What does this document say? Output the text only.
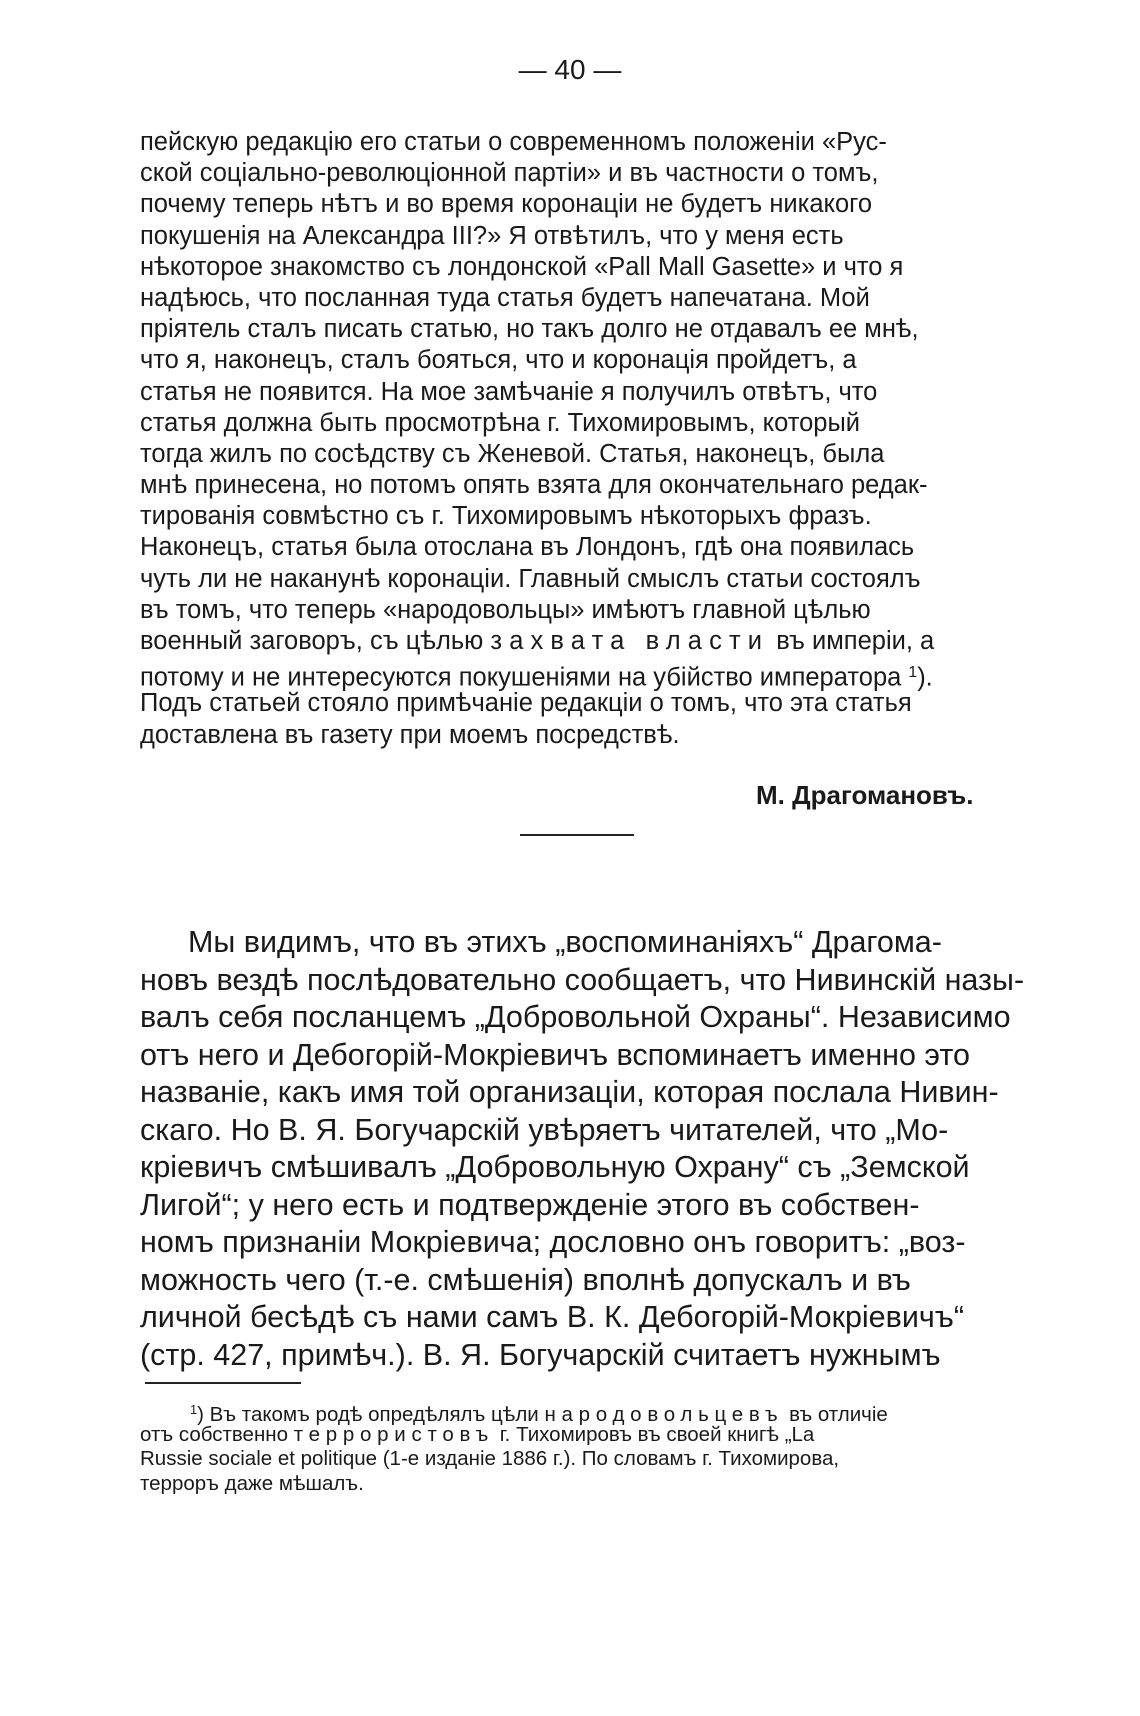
— 40 —
пейскую редакцію его статьи о современномъ положеніи «Рус-
ской соціально-революціонной партіи» и въ частности о томъ,
почему теперь нѣтъ и во время коронаціи не будетъ никакого
покушенія на Александра III?» Я отвѣтилъ, что у меня есть
нѣкоторое знакомство съ лондонской «Pall Mall Gasette» и что я
надѣюсь, что посланная туда статья будетъ напечатана. Мой
пріятель сталъ писать статью, но такъ долго не отдавалъ ее мнѣ,
что я, наконецъ, сталъ бояться, что и коронація пройдетъ, а
статья не появится. На мое замѣчаніе я получилъ отвѣтъ, что
статья должна быть просмотрѣна г. Тихомировымъ, который
тогда жилъ по сосѣдству съ Женевой. Статья, наконецъ, была
мнѣ принесена, но потомъ опять взята для окончательнаго редак-
тированія совмѣстно съ г. Тихомировымъ нѣкоторыхъ фразъ.
Наконецъ, статья была отослана въ Лондонъ, гдѣ она появилась
чуть ли не наканунѣ коронаціи. Главный смыслъ статьи состоялъ
въ томъ, что теперь «народовольцы» имѣютъ главной цѣлью
военный заговоръ, съ цѣлью захвата власти въ имперіи, а
потому и не интересуются покушеніями на убійство императора $^1$).
Подъ статьей стояло примѣчаніе редакціи о томъ, что эта статья
доставлена въ газету при моемъ посредствѣ.
М. Драгомановъ.
Мы видимъ, что въ этихъ „воспоминаніяхъ“ Драгома-
новъ вездѣ послѣдовательно сообщаетъ, что Нивинскій назы-
валъ себя посланцемъ „Добровольной Охраны“. Независимо
отъ него и Дебогорій-Мокріевичъ вспоминаетъ именно это
названіе, какъ имя той организаціи, которая послала Нивин-
скаго. Но В. Я. Богучарскій увѣряетъ читателей, что „Мо-
кріевичъ смѣшивалъ „Добровольную Охрану“ съ „Земской
Лигой“; у него есть и подтвержденіе этого въ собствен-
номъ признаніи Мокріевича; дословно онъ говоритъ: „воз-
можность чего (т.-е. смѣшенія) вполнѣ допускалъ и въ
личной бесѣдѣ съ нами самъ В. К. Дебогорій-Мокріевичъ“
(стр. 427, примѣч.). В. Я. Богучарскій считаетъ нужнымъ
$^1$) Въ такомъ родѣ опредѣлялъ цѣли народовольцевъ въ отличіе
отъ собственно террористовъ г. Тихомировъ въ своей книгѣ „La
Russie sociale et politique (1-е изданіе 1886 г.). По словамъ г. Тихомирова,
терроръ даже мѣшалъ.
